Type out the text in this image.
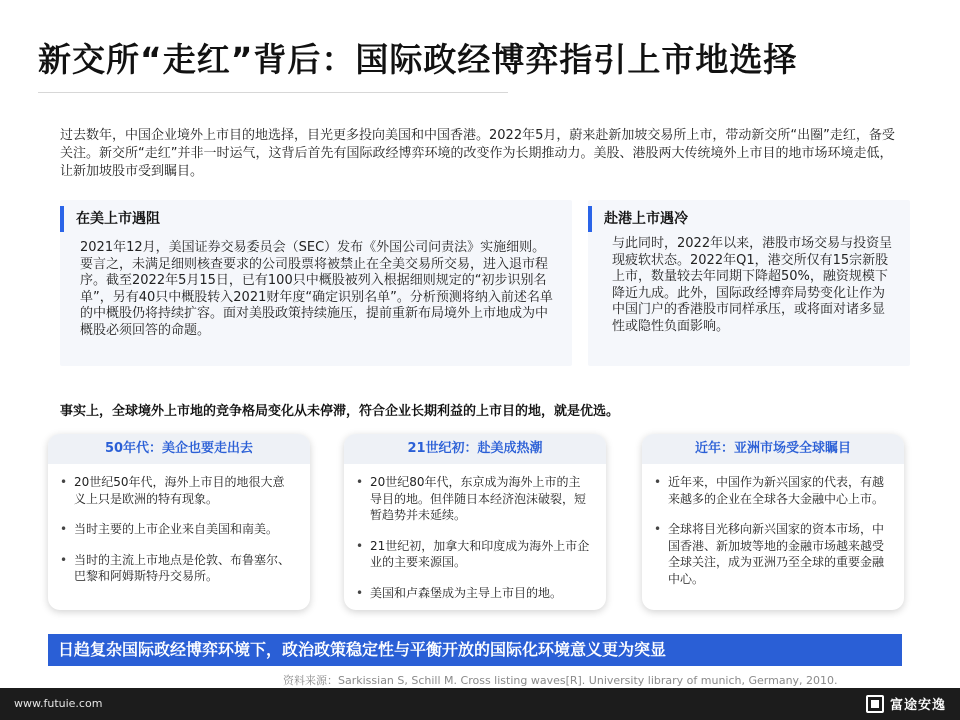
新交所“走红”背后：国际政经博弈指引上市地选择
过去数年，中国企业境外上市目的地选择，目光更多投向美国和中国香港。2022年5月，蔚来赴新加坡交易所上市，带动新交所“出圈”走红，备受关注。新交所“走红”并非一时运气，这背后首先有国际政经博弈环境的改变作为长期推动力。美股、港股两大传统境外上市目的地市场环境走低，让新加坡股市受到瞩目。
在美上市遇阻
2021年12月，美国证券交易委员会（SEC）发布《外国公司问责法》实施细则。要言之，未满足细则核查要求的公司股票将被禁止在全美交易所交易，进入退市程序。截至2022年5月15日，已有100只中概股被列入根据细则规定的“初步识别名单”，另有40只中概股转入2021财年度“确定识别名单”。分析预测将纳入前述名单的中概股仍将持续扩容。面对美股政策持续施压，提前重新布局境外上市地成为中概股必须回答的命题。
赴港上市遇冷
与此同时，2022年以来，港股市场交易与投资呈现疲软状态。2022年Q1，港交所仅有15宗新股上市，数量较去年同期下降超50%，融资规模下降近九成。此外，国际政经博弈局势变化让作为中国门户的香港股市同样承压，或将面对诸多显性或隐性负面影响。
事实上，全球境外上市地的竞争格局变化从未停滞，符合企业长期利益的上市目的地，就是优选。
50年代：美企也要走出去
• 20世纪50年代，海外上市目的地很大意义上只是欧洲的特有现象。
• 当时主要的上市企业来自美国和南美。
• 当时的主流上市地点是伦敦、布鲁塞尔、巴黎和阿姆斯特丹交易所。
21世纪初：赴美成热潮
• 20世纪80年代，东京成为海外上市的主导目的地。但伴随日本经济泡沫破裂，短暂趋势并未延续。
• 21世纪初，加拿大和印度成为海外上市企业的主要来源国。
• 美国和卢森堡成为主导上市目的地。
近年：亚洲市场受全球瞩目
• 近年来，中国作为新兴国家的代表，有越来越多的企业在全球各大金融中心上市。
• 全球将目光移向新兴国家的资本市场，中国香港、新加坡等地的金融市场越来越受全球关注，成为亚洲乃至全球的重要金融中心。
日趋复杂国际政经博弈环境下，政治政策稳定性与平衡开放的国际化环境意义更为突显
资料来源：Sarkissian S, Schill M. Cross listing waves[R]. University library of munich, Germany, 2010.
www.futuie.com	富途安逸
